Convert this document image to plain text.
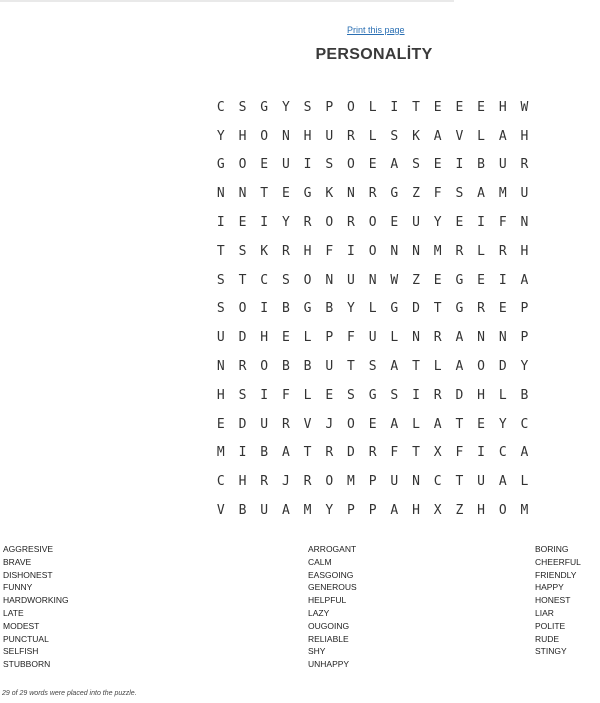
Print this page
PERSONALİTY
C	S	G	Y	S	P	O	L	I	T	E	E	E	H	W
Y	H	O	N	H	U	R	L	S	K	A	V	L	A	H
G	O	E	U	I	S	O	E	A	S	E	I	B	U	R
N	N	T	E	G	K	N	R	G	Z	F	S	A	M	U
I	E	I	Y	R	O	R	O	E	U	Y	E	I	F	N
T	S	K	R	H	F	I	O	N	N	M	R	L	R	H
S	T	C	S	O	N	U	N	W	Z	E	G	E	I	A
S	O	I	B	G	B	Y	L	G	D	T	G	R	E	P
U	D	H	E	L	P	F	U	L	N	R	A	N	N	P
N	R	O	B	B	U	T	S	A	T	L	A	O	D	Y
H	S	I	F	L	E	S	G	S	I	R	D	H	L	B
E	D	U	R	V	J	O	E	A	L	A	T	E	Y	C
M	I	B	A	T	R	D	R	F	T	X	F	I	C	A
C	H	R	J	R	O	M	P	U	N	C	T	U	A	L
V	B	U	A	M	Y	P	P	A	H	X	Z	H	O	M
AGGRESIVE
BRAVE
DISHONEST
FUNNY
HARDWORKING
LATE
MODEST
PUNCTUAL
SELFISH
STUBBORN
ARROGANT
CALM
EASGOING
GENEROUS
HELPFUL
LAZY
OUGOING
RELIABLE
SHY
UNHAPPY
BORING
CHEERFUL
FRIENDLY
HAPPY
HONEST
LIAR
POLITE
RUDE
STINGY
29 of 29 words were placed into the puzzle.
